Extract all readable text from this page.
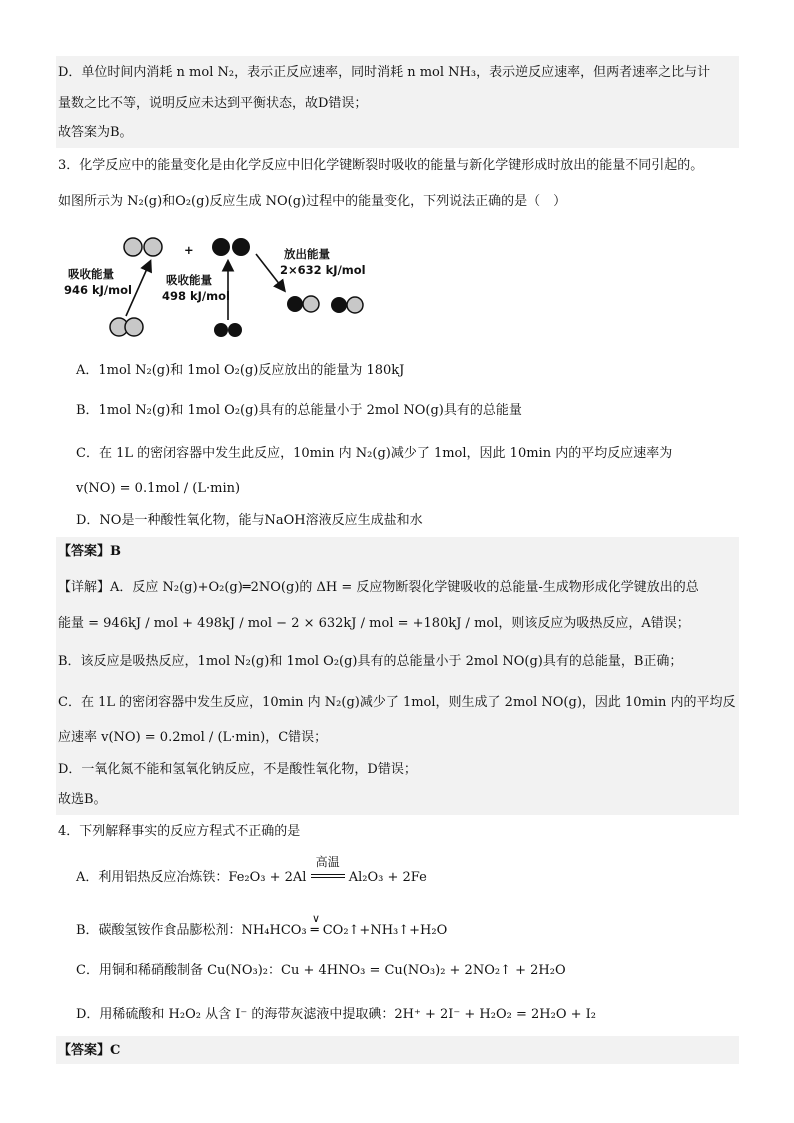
D．单位时间内消耗 n mol N₂，表示正反应速率，同时消耗 n mol NH₃，表示逆反应速率，但两者速率之比与计
量数之比不等，说明反应未达到平衡状态，故D错误；
故答案为B。
3．化学反应中的能量变化是由化学反应中旧化学键断裂时吸收的能量与新化学键形成时放出的能量不同引起的。
如图所示为 N₂(g)和O₂(g)反应生成 NO(g)过程中的能量变化，下列说法正确的是（　）
+
吸收能量
946 kJ/mol
吸收能量
498 kJ/mol
放出能量
2×632 kJ/mol
A．1mol N₂(g)和 1mol O₂(g)反应放出的能量为 180kJ
B．1mol N₂(g)和 1mol O₂(g)具有的总能量小于 2mol NO(g)具有的总能量
C．在 1L 的密闭容器中发生此反应，10min 内 N₂(g)减少了 1mol，因此 10min 内的平均反应速率为
v(NO) = 0.1mol / (L·min)
D．NO是一种酸性氧化物，能与NaOH溶液反应生成盐和水
【答案】B
【详解】A．反应 N₂(g)+O₂(g)═2NO(g)的 ΔH = 反应物断裂化学键吸收的总能量-生成物形成化学键放出的总
能量 = 946kJ / mol + 498kJ / mol − 2 × 632kJ / mol = +180kJ / mol，则该反应为吸热反应，A错误；
B．该反应是吸热反应，1mol N₂(g)和 1mol O₂(g)具有的总能量小于 2mol NO(g)具有的总能量，B正确；
C．在 1L 的密闭容器中发生反应，10min 内 N₂(g)减少了 1mol，则生成了 2mol NO(g)，因此 10min 内的平均反
应速率 v(NO) = 0.2mol / (L·min)，C错误；
D．一氧化氮不能和氢氧化钠反应，不是酸性氧化物，D错误；
故选B。
4．下列解释事实的反应方程式不正确的是
A．利用铝热反应冶炼铁：Fe₂O₃ + 2Al
高温
Al₂O₃ + 2Fe
∨
B．碳酸氢铵作食品膨松剂：NH₄HCO₃ ═ CO₂↑+NH₃↑+H₂O
C．用铜和稀硝酸制备 Cu(NO₃)₂：Cu + 4HNO₃ = Cu(NO₃)₂ + 2NO₂↑ + 2H₂O
D．用稀硫酸和 H₂O₂ 从含 I⁻ 的海带灰滤液中提取碘：2H⁺ + 2I⁻ + H₂O₂ = 2H₂O + I₂
【答案】C
